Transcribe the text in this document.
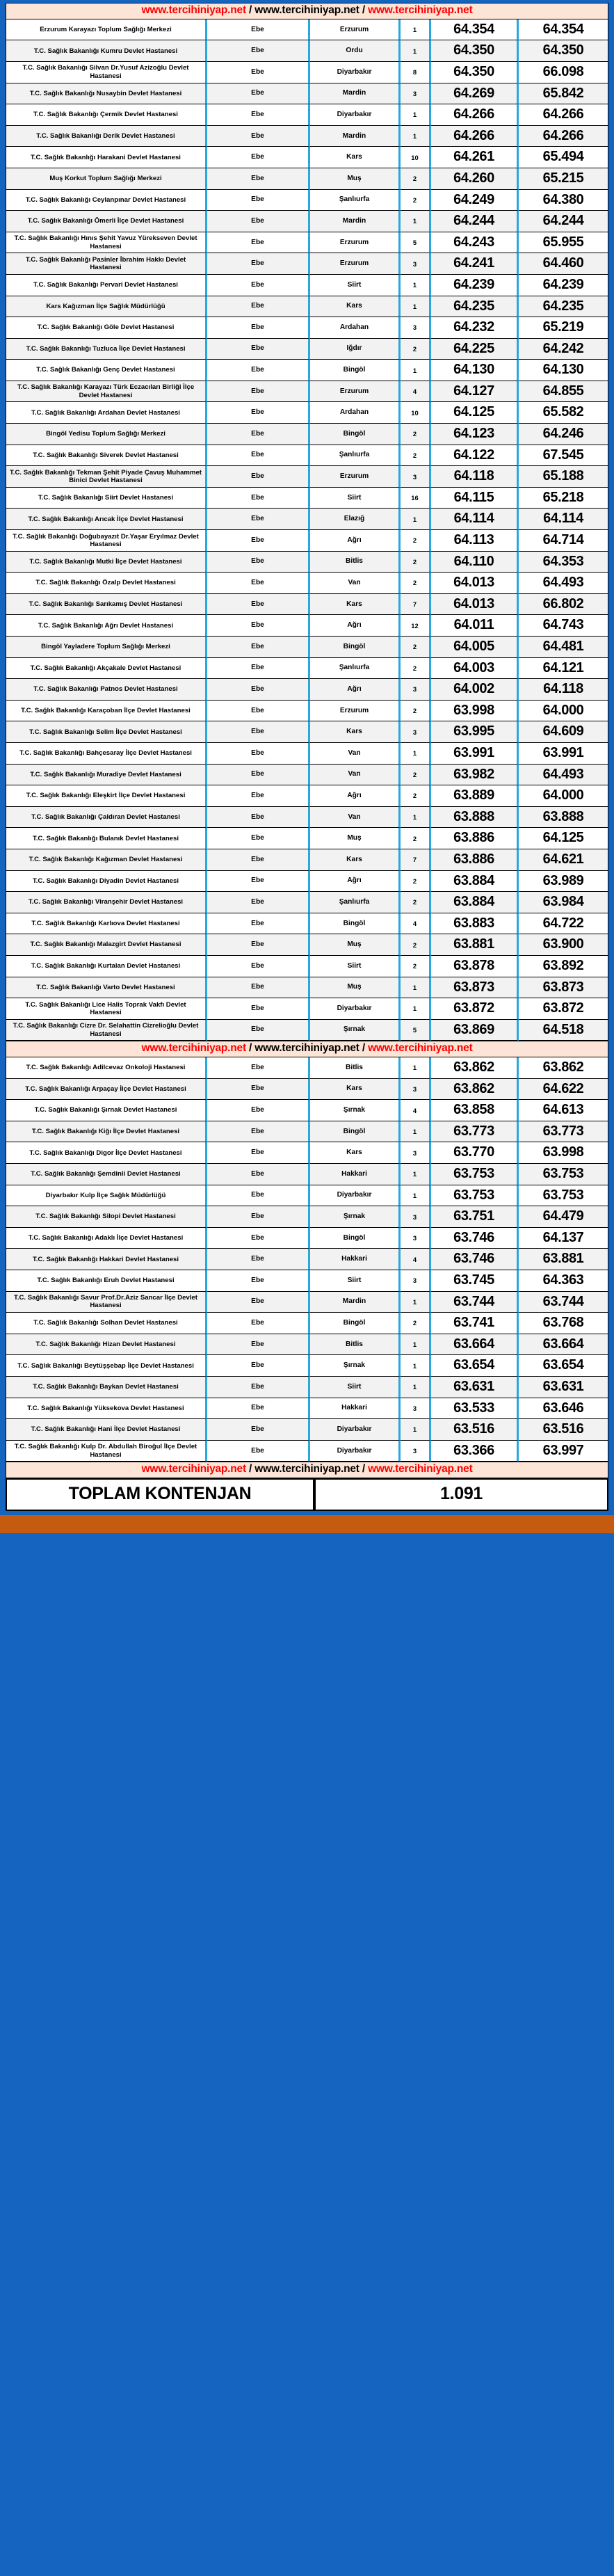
www.tercihiniyap.net / www.tercihiniyap.net / www.tercihiniyap.net					
Erzurum Karayazı Toplum Sağlığı Merkezi	Ebe	Erzurum	1	64.354	64.354
T.C. Sağlık Bakanlığı Kumru Devlet Hastanesi	Ebe	Ordu	1	64.350	64.350
T.C. Sağlık Bakanlığı Silvan Dr.Yusuf Azizoğlu Devlet Hastanesi	Ebe	Diyarbakır	8	64.350	66.098
T.C. Sağlık Bakanlığı Nusaybin Devlet Hastanesi	Ebe	Mardin	3	64.269	65.842
T.C. Sağlık Bakanlığı Çermik Devlet Hastanesi	Ebe	Diyarbakır	1	64.266	64.266
T.C. Sağlık Bakanlığı Derik Devlet Hastanesi	Ebe	Mardin	1	64.266	64.266
T.C. Sağlık Bakanlığı Harakani Devlet Hastanesi	Ebe	Kars	10	64.261	65.494
Muş Korkut Toplum Sağlığı Merkezi	Ebe	Muş	2	64.260	65.215
T.C. Sağlık Bakanlığı Ceylanpınar Devlet Hastanesi	Ebe	Şanlıurfa	2	64.249	64.380
T.C. Sağlık Bakanlığı Ömerli İlçe Devlet Hastanesi	Ebe	Mardin	1	64.244	64.244
T.C. Sağlık Bakanlığı Hınıs Şehit Yavuz Yürekseven Devlet Hastanesi	Ebe	Erzurum	5	64.243	65.955
T.C. Sağlık Bakanlığı Pasinler İbrahim Hakkı Devlet Hastanesi	Ebe	Erzurum	3	64.241	64.460
T.C. Sağlık Bakanlığı Pervari Devlet Hastanesi	Ebe	Siirt	1	64.239	64.239
Kars Kağızman İlçe Sağlık Müdürlüğü	Ebe	Kars	1	64.235	64.235
T.C. Sağlık Bakanlığı Göle Devlet Hastanesi	Ebe	Ardahan	3	64.232	65.219
T.C. Sağlık Bakanlığı Tuzluca İlçe Devlet Hastanesi	Ebe	Iğdır	2	64.225	64.242
T.C. Sağlık Bakanlığı Genç Devlet Hastanesi	Ebe	Bingöl	1	64.130	64.130
T.C. Sağlık Bakanlığı Karayazı Türk Eczacıları Birliği İlçe Devlet Hastanesi	Ebe	Erzurum	4	64.127	64.855
T.C. Sağlık Bakanlığı Ardahan Devlet Hastanesi	Ebe	Ardahan	10	64.125	65.582
Bingöl Yedisu Toplum Sağlığı Merkezi	Ebe	Bingöl	2	64.123	64.246
T.C. Sağlık Bakanlığı Siverek Devlet Hastanesi	Ebe	Şanlıurfa	2	64.122	67.545
T.C. Sağlık Bakanlığı Tekman Şehit Piyade Çavuş Muhammet Binici Devlet Hastanesi	Ebe	Erzurum	3	64.118	65.188
T.C. Sağlık Bakanlığı Siirt Devlet Hastanesi	Ebe	Siirt	16	64.115	65.218
T.C. Sağlık Bakanlığı Arıcak İlçe Devlet Hastanesi	Ebe	Elazığ	1	64.114	64.114
T.C. Sağlık Bakanlığı Doğubayazıt Dr.Yaşar Eryılmaz Devlet Hastanesi	Ebe	Ağrı	2	64.113	64.714
T.C. Sağlık Bakanlığı Mutki İlçe Devlet Hastanesi	Ebe	Bitlis	2	64.110	64.353
T.C. Sağlık Bakanlığı Özalp Devlet Hastanesi	Ebe	Van	2	64.013	64.493
T.C. Sağlık Bakanlığı Sarıkamış Devlet Hastanesi	Ebe	Kars	7	64.013	66.802
T.C. Sağlık Bakanlığı Ağrı Devlet Hastanesi	Ebe	Ağrı	12	64.011	64.743
Bingöl Yayladere Toplum Sağlığı Merkezi	Ebe	Bingöl	2	64.005	64.481
T.C. Sağlık Bakanlığı Akçakale Devlet Hastanesi	Ebe	Şanlıurfa	2	64.003	64.121
T.C. Sağlık Bakanlığı Patnos Devlet Hastanesi	Ebe	Ağrı	3	64.002	64.118
T.C. Sağlık Bakanlığı Karaçoban İlçe Devlet Hastanesi	Ebe	Erzurum	2	63.998	64.000
T.C. Sağlık Bakanlığı Selim İlçe Devlet Hastanesi	Ebe	Kars	3	63.995	64.609
T.C. Sağlık Bakanlığı Bahçesaray İlçe Devlet Hastanesi	Ebe	Van	1	63.991	63.991
T.C. Sağlık Bakanlığı Muradiye Devlet Hastanesi	Ebe	Van	2	63.982	64.493
T.C. Sağlık Bakanlığı Eleşkirt İlçe Devlet Hastanesi	Ebe	Ağrı	2	63.889	64.000
T.C. Sağlık Bakanlığı Çaldıran Devlet Hastanesi	Ebe	Van	1	63.888	63.888
T.C. Sağlık Bakanlığı Bulanık Devlet Hastanesi	Ebe	Muş	2	63.886	64.125
T.C. Sağlık Bakanlığı Kağızman Devlet Hastanesi	Ebe	Kars	7	63.886	64.621
T.C. Sağlık Bakanlığı Diyadin Devlet Hastanesi	Ebe	Ağrı	2	63.884	63.989
T.C. Sağlık Bakanlığı Viranşehir Devlet Hastanesi	Ebe	Şanlıurfa	2	63.884	63.984
T.C. Sağlık Bakanlığı Karlıova Devlet Hastanesi	Ebe	Bingöl	4	63.883	64.722
T.C. Sağlık Bakanlığı Malazgirt Devlet Hastanesi	Ebe	Muş	2	63.881	63.900
T.C. Sağlık Bakanlığı Kurtalan Devlet Hastanesi	Ebe	Siirt	2	63.878	63.892
T.C. Sağlık Bakanlığı Varto Devlet Hastanesi	Ebe	Muş	1	63.873	63.873
T.C. Sağlık Bakanlığı Lice Halis Toprak Vakfı Devlet Hastanesi	Ebe	Diyarbakır	1	63.872	63.872
T.C. Sağlık Bakanlığı Cizre Dr. Selahattin Cizrelioğlu Devlet Hastanesi	Ebe	Şırnak	5	63.869	64.518
www.tercihiniyap.net / www.tercihiniyap.net / www.tercihiniyap.net					
T.C. Sağlık Bakanlığı Adilcevaz Onkoloji Hastanesi	Ebe	Bitlis	1	63.862	63.862
T.C. Sağlık Bakanlığı Arpaçay İlçe Devlet Hastanesi	Ebe	Kars	3	63.862	64.622
T.C. Sağlık Bakanlığı Şırnak Devlet Hastanesi	Ebe	Şırnak	4	63.858	64.613
T.C. Sağlık Bakanlığı Kiğı İlçe Devlet Hastanesi	Ebe	Bingöl	1	63.773	63.773
T.C. Sağlık Bakanlığı Digor İlçe Devlet Hastanesi	Ebe	Kars	3	63.770	63.998
T.C. Sağlık Bakanlığı Şemdinli Devlet Hastanesi	Ebe	Hakkari	1	63.753	63.753
Diyarbakır Kulp İlçe Sağlık Müdürlüğü	Ebe	Diyarbakır	1	63.753	63.753
T.C. Sağlık Bakanlığı Silopi Devlet Hastanesi	Ebe	Şırnak	3	63.751	64.479
T.C. Sağlık Bakanlığı Adaklı İlçe Devlet Hastanesi	Ebe	Bingöl	3	63.746	64.137
T.C. Sağlık Bakanlığı Hakkari Devlet Hastanesi	Ebe	Hakkari	4	63.746	63.881
T.C. Sağlık Bakanlığı Eruh Devlet Hastanesi	Ebe	Siirt	3	63.745	64.363
T.C. Sağlık Bakanlığı Savur Prof.Dr.Aziz Sancar İlçe Devlet Hastanesi	Ebe	Mardin	1	63.744	63.744
T.C. Sağlık Bakanlığı Solhan Devlet Hastanesi	Ebe	Bingöl	2	63.741	63.768
T.C. Sağlık Bakanlığı Hizan Devlet Hastanesi	Ebe	Bitlis	1	63.664	63.664
T.C. Sağlık Bakanlığı Beytüşşebap İlçe Devlet Hastanesi	Ebe	Şırnak	1	63.654	63.654
T.C. Sağlık Bakanlığı Baykan Devlet Hastanesi	Ebe	Siirt	1	63.631	63.631
T.C. Sağlık Bakanlığı Yüksekova Devlet Hastanesi	Ebe	Hakkari	3	63.533	63.646
T.C. Sağlık Bakanlığı Hani İlçe Devlet Hastanesi	Ebe	Diyarbakır	1	63.516	63.516
T.C. Sağlık Bakanlığı Kulp Dr. Abdullah Biroğul İlçe Devlet Hastanesi	Ebe	Diyarbakır	3	63.366	63.997
www.tercihiniyap.net / www.tercihiniyap.net / www.tercihiniyap.net					
TOPLAM KONTENJAN	1.091
